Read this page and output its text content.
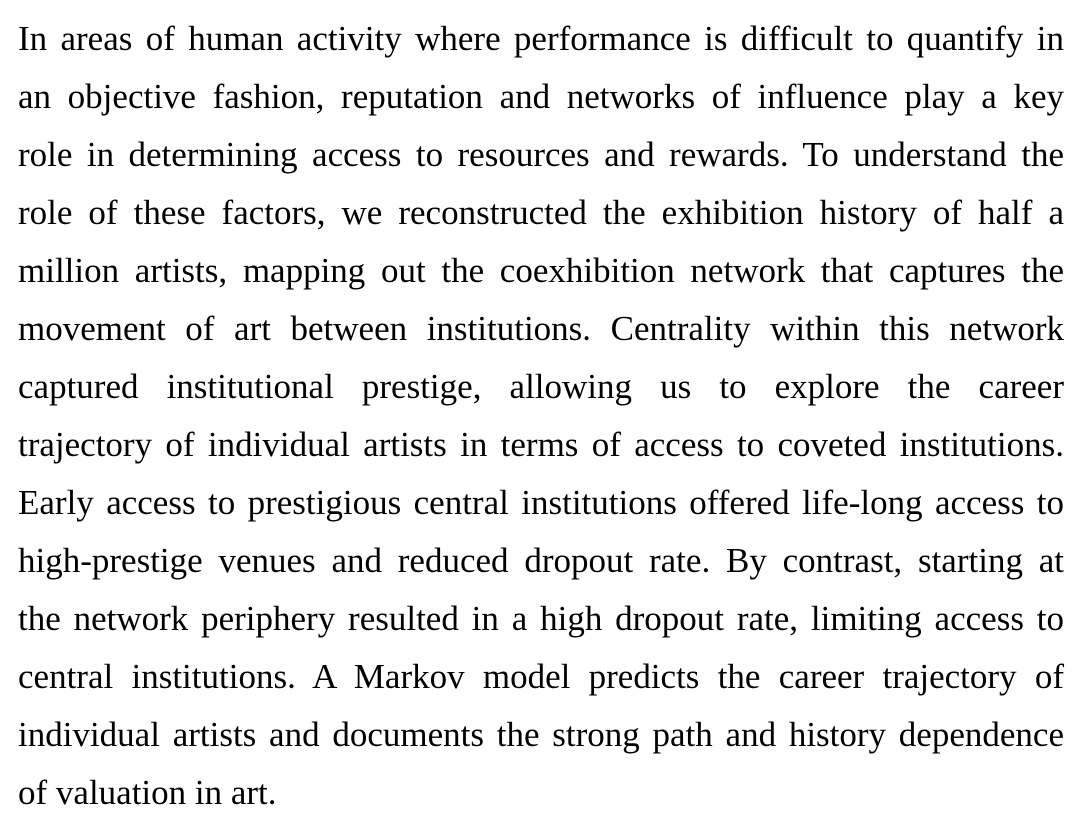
In areas of human activity where performance is difficult to quantify in
an objective fashion, reputation and networks of influence play a key
role in determining access to resources and rewards. To understand the
role of these factors, we reconstructed the exhibition history of half a
million artists, mapping out the coexhibition network that captures the
movement of art between institutions. Centrality within this network
captured institutional prestige, allowing us to explore the career
trajectory of individual artists in terms of access to coveted institutions.
Early access to prestigious central institutions offered life-long access to
high-prestige venues and reduced dropout rate. By contrast, starting at
the network periphery resulted in a high dropout rate, limiting access to
central institutions. A Markov model predicts the career trajectory of
individual artists and documents the strong path and history dependence
of valuation in art.
